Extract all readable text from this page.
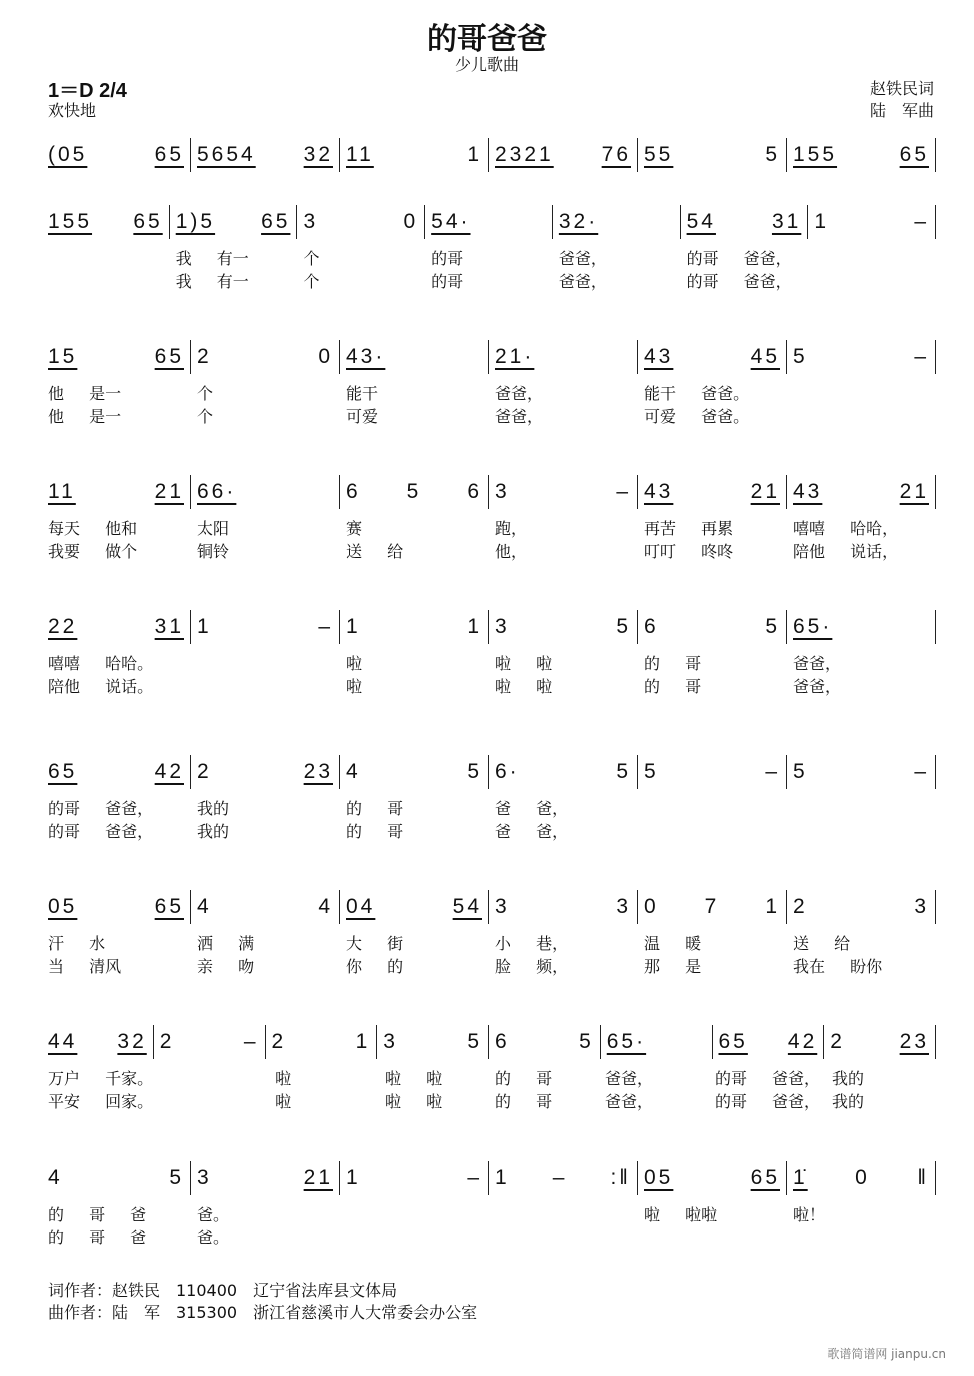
的哥爸爸
少儿歌曲
1＝D 2/4
欢快地
赵铁民词
陆　军曲
(05	65 5654 32 11	1 2321 76 55	5 155	65
155 65 1)5 65 3	0 54·	32·	54	31 1	–
我 有一	个	的哥	爸爸，	的哥 爸爸，
我 有一	个	的哥	爸爸，	的哥 爸爸，
15	65 2	0 43·	21·	43	45 5	–
他 是一	个	能干	爸爸，	能干 爸爸。
他 是一	个	可爱	爸爸，	可爱 爸爸。
11	21 66·	6 5 6 3	– 43	21 43	21
每天 他和	太阳	赛	跑，	再苦 再累	嘻嘻 哈哈，
我要 做个	铜铃	送 给	他，	叮叮 咚咚	陪他 说话，
22	31 1	– 1	1 3	5 6	5 65·
嘻嘻 哈哈。	啦	啦 啦	的 哥	爸爸，
陪他 说话。	啦	啦 啦	的 哥	爸爸，
65	42 2	23 4	5 6·	5 5	– 5	–
的哥 爸爸，	我的	的 哥	爸 爸，
的哥 爸爸，	我的	的 哥	爸 爸，
05	65 4	4 04	54 3	3 0 7 1 2	3
汗 水	洒 满	大 街	小 巷，	温 暖	送 给
当 清风	亲 吻	你 的	脸 频，	那 是	我在 盼你
44 32 2	– 2	1 3	5 6	5 65·	65 42 2	23
万户 千家。	啦	啦 啦	的 哥	爸爸，	的哥 爸爸， 我的
平安 回家。	啦	啦 啦	的 哥	爸爸，	的哥 爸爸， 我的
4	5 3	21 1	– 1 – :‖ 05	65 1̇ 0 ‖
的 哥 爸	爸。	啦 啦啦	啦！
的 哥 爸	爸。
词作者：赵铁民　110400　辽宁省法库县文体局
曲作者：陆　军　315300　浙江省慈溪市人大常委会办公室
歌谱简谱网 jianpu.cn
